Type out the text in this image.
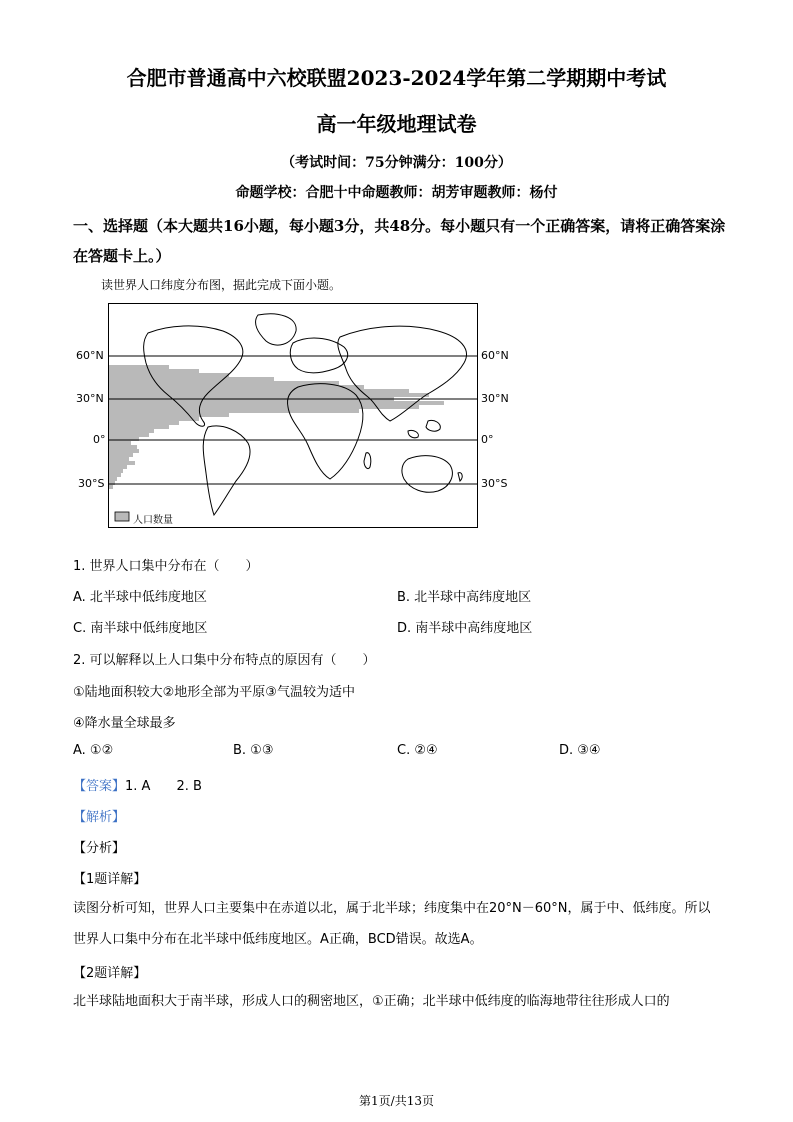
合肥市普通高中六校联盟2023-2024学年第二学期期中考试
高一年级地理试卷
（考试时间：75分钟满分：100分）
命题学校：合肥十中命题教师：胡芳审题教师：杨付
一、选择题（本大题共16小题，每小题3分，共48分。每小题只有一个正确答案，请将正确答案涂在答题卡上。）
读世界人口纬度分布图，据此完成下面小题。
60°N
30°N
0°
30°S
60°N
30°N
0°
30°S
人口数量
1. 世界人口集中分布在（　　）
A. 北半球中低纬度地区	B. 北半球中高纬度地区
C. 南半球中低纬度地区	D. 南半球中高纬度地区
2. 可以解释以上人口集中分布特点的原因有（　　）
①陆地面积较大②地形全部为平原③气温较为适中
④降水量全球最多
A. ①②	B. ①③	C. ②④	D. ③④
【答案】1. A　　2. B
【解析】
【分析】
【1题详解】
读图分析可知，世界人口主要集中在赤道以北，属于北半球；纬度集中在20°N－60°N，属于中、低纬度。所以世界人口集中分布在北半球中低纬度地区。A正确，BCD错误。故选A。
【2题详解】
北半球陆地面积大于南半球，形成人口的稠密地区，①正确；北半球中低纬度的临海地带往往形成人口的
第1页/共13页
